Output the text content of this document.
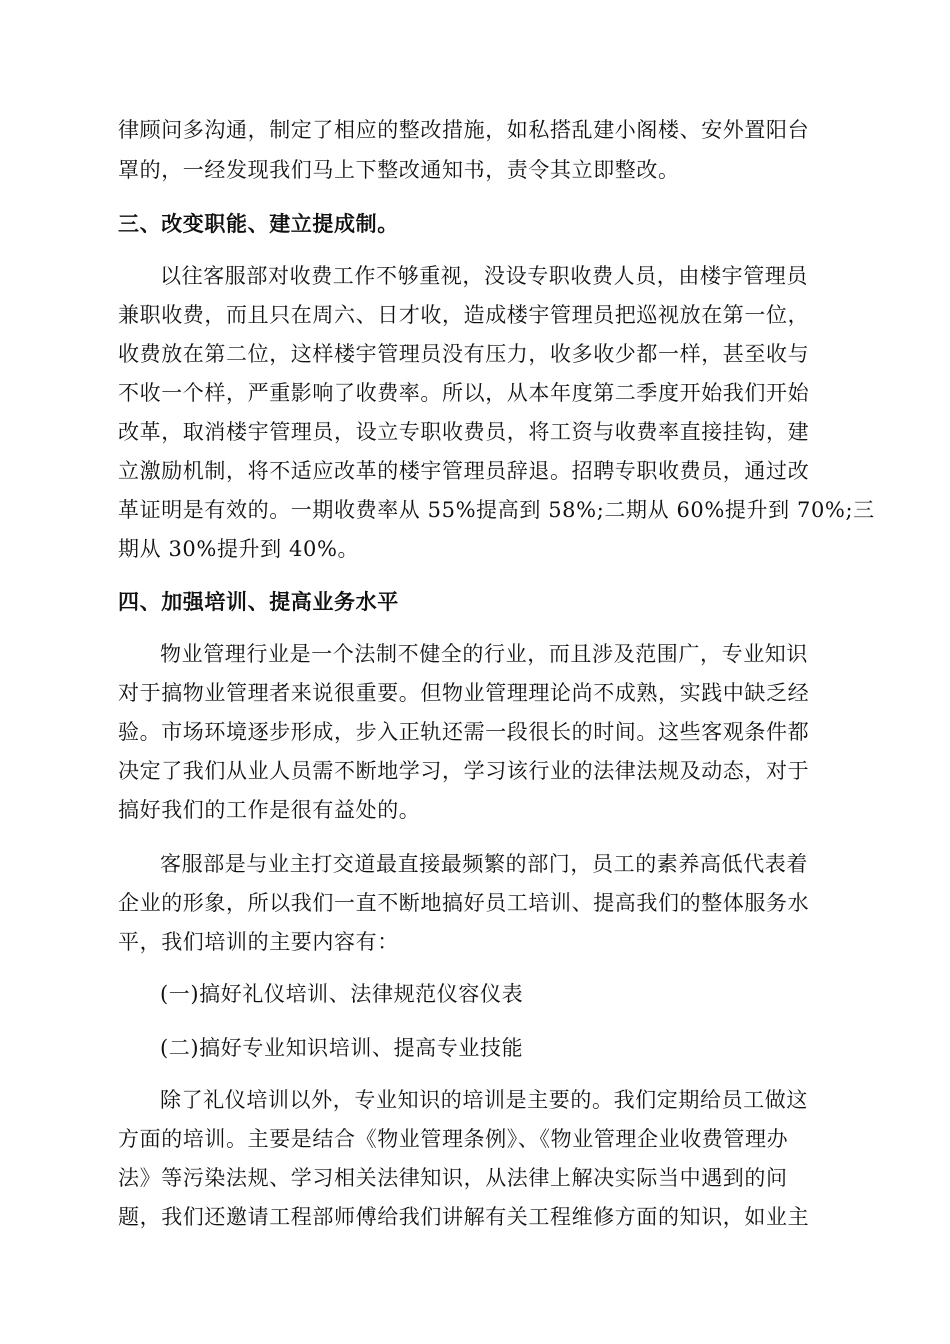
律顾问多沟通，制定了相应的整改措施，如私搭乱建小阁楼、安外置阳台
罩的，一经发现我们马上下整改通知书，责令其立即整改。
三、改变职能、建立提成制。
以往客服部对收费工作不够重视，没设专职收费人员，由楼宇管理员
兼职收费，而且只在周六、日才收，造成楼宇管理员把巡视放在第一位，
收费放在第二位，这样楼宇管理员没有压力，收多收少都一样，甚至收与
不收一个样，严重影响了收费率。所以，从本年度第二季度开始我们开始
改革，取消楼宇管理员，设立专职收费员，将工资与收费率直接挂钩，建
立激励机制，将不适应改革的楼宇管理员辞退。招聘专职收费员，通过改
革证明是有效的。一期收费率从 55%提高到 58%;二期从 60%提升到 70%;三
期从 30%提升到 40%。
四、加强培训、提高业务水平
物业管理行业是一个法制不健全的行业，而且涉及范围广，专业知识
对于搞物业管理者来说很重要。但物业管理理论尚不成熟，实践中缺乏经
验。市场环境逐步形成，步入正轨还需一段很长的时间。这些客观条件都
决定了我们从业人员需不断地学习，学习该行业的法律法规及动态，对于
搞好我们的工作是很有益处的。
客服部是与业主打交道最直接最频繁的部门，员工的素养高低代表着
企业的形象，所以我们一直不断地搞好员工培训、提高我们的整体服务水
平，我们培训的主要内容有：
(一)搞好礼仪培训、法律规范仪容仪表
(二)搞好专业知识培训、提高专业技能
除了礼仪培训以外，专业知识的培训是主要的。我们定期给员工做这
方面的培训。主要是结合《物业管理条例》、《物业管理企业收费管理办
法》等污染法规、学习相关法律知识，从法律上解决实际当中遇到的问
题，我们还邀请工程部师傅给我们讲解有关工程维修方面的知识，如业主
